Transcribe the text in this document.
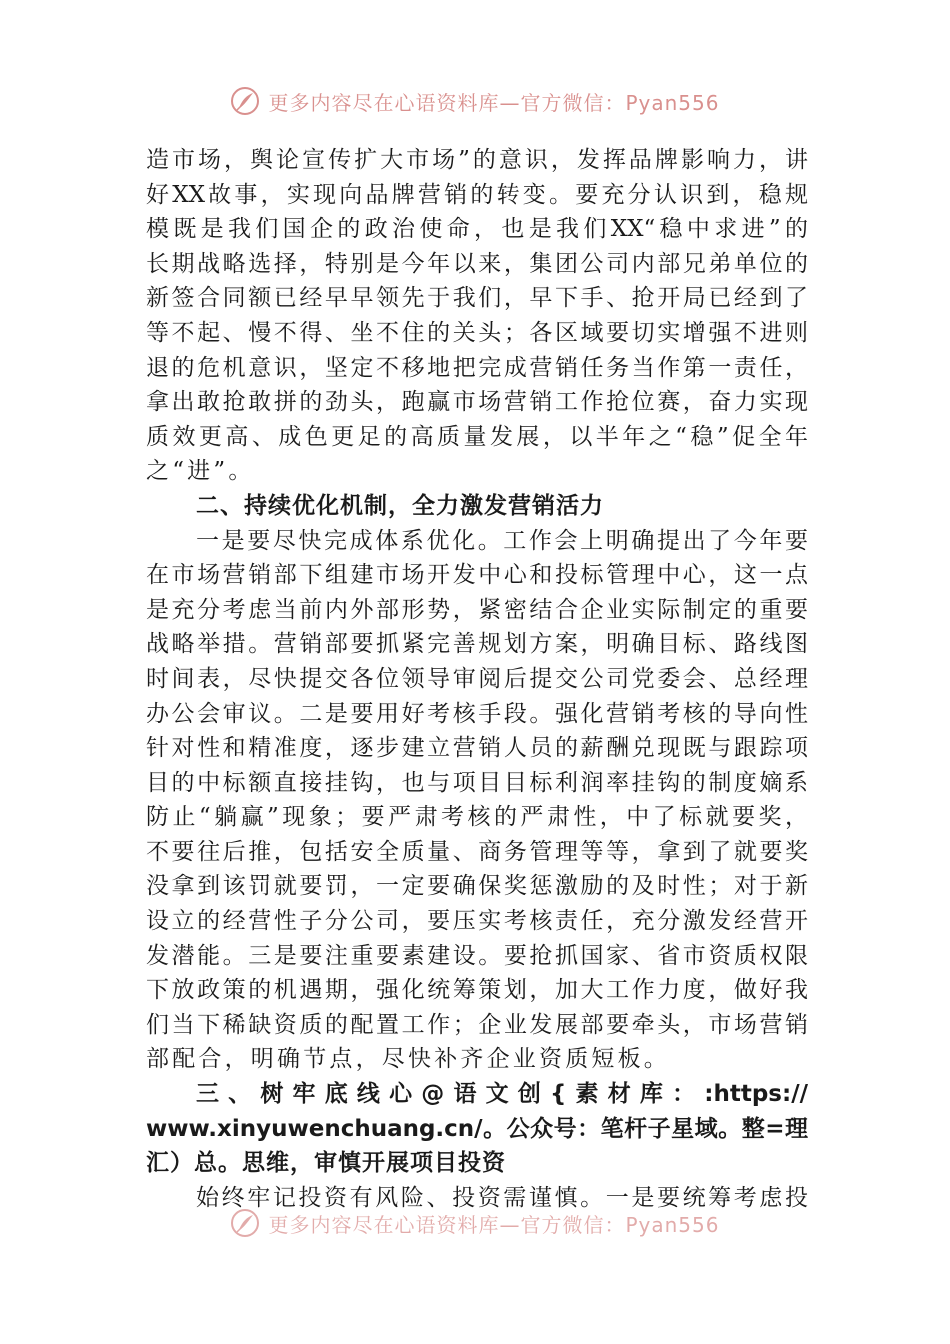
更多内容尽在心语资料库—官方微信：Pyan556
造市场，舆论宣传扩大市场”的意识，发挥品牌影响力，讲
好XX故事，实现向品牌营销的转变。要充分认识到，稳规
模既是我们国企的政治使命，也是我们XX“稳中求进”的
长期战略选择，特别是今年以来，集团公司内部兄弟单位的
新签合同额已经早早领先于我们，早下手、抢开局已经到了
等不起、慢不得、坐不住的关头；各区域要切实增强不进则
退的危机意识，坚定不移地把完成营销任务当作第一责任，
拿出敢抢敢拼的劲头，跑赢市场营销工作抢位赛，奋力实现
质效更高、成色更足的高质量发展，以半年之“稳”促全年
之“进”。
二、持续优化机制，全力激发营销活力
一是要尽快完成体系优化。工作会上明确提出了今年要
在市场营销部下组建市场开发中心和投标管理中心，这一点
是充分考虑当前内外部形势，紧密结合企业实际制定的重要
战略举措。营销部要抓紧完善规划方案，明确目标、路线图
时间表，尽快提交各位领导审阅后提交公司党委会、总经理
办公会审议。二是要用好考核手段。强化营销考核的导向性
针对性和精准度，逐步建立营销人员的薪酬兑现既与跟踪项
目的中标额直接挂钩，也与项目目标利润率挂钩的制度嫡系
防止“躺赢”现象；要严肃考核的严肃性，中了标就要奖，
不要往后推，包括安全质量、商务管理等等，拿到了就要奖
没拿到该罚就要罚，一定要确保奖惩激励的及时性；对于新
设立的经营性子分公司，要压实考核责任，充分激发经营开
发潜能。三是要注重要素建设。要抢抓国家、省市资质权限
下放政策的机遇期，强化统筹策划，加大工作力度，做好我
们当下稀缺资质的配置工作；企业发展部要牵头，市场营销
部配合，明确节点，尽快补齐企业资质短板。
三、树牢底线心@语文创{素材库：:https://
www.xinyuwenchuang.cn/。公众号：笔杆子星域。整=理
汇）总。思维，审慎开展项目投资
始终牢记投资有风险、投资需谨慎。一是要统筹考虑投
更多内容尽在心语资料库—官方微信：Pyan556
